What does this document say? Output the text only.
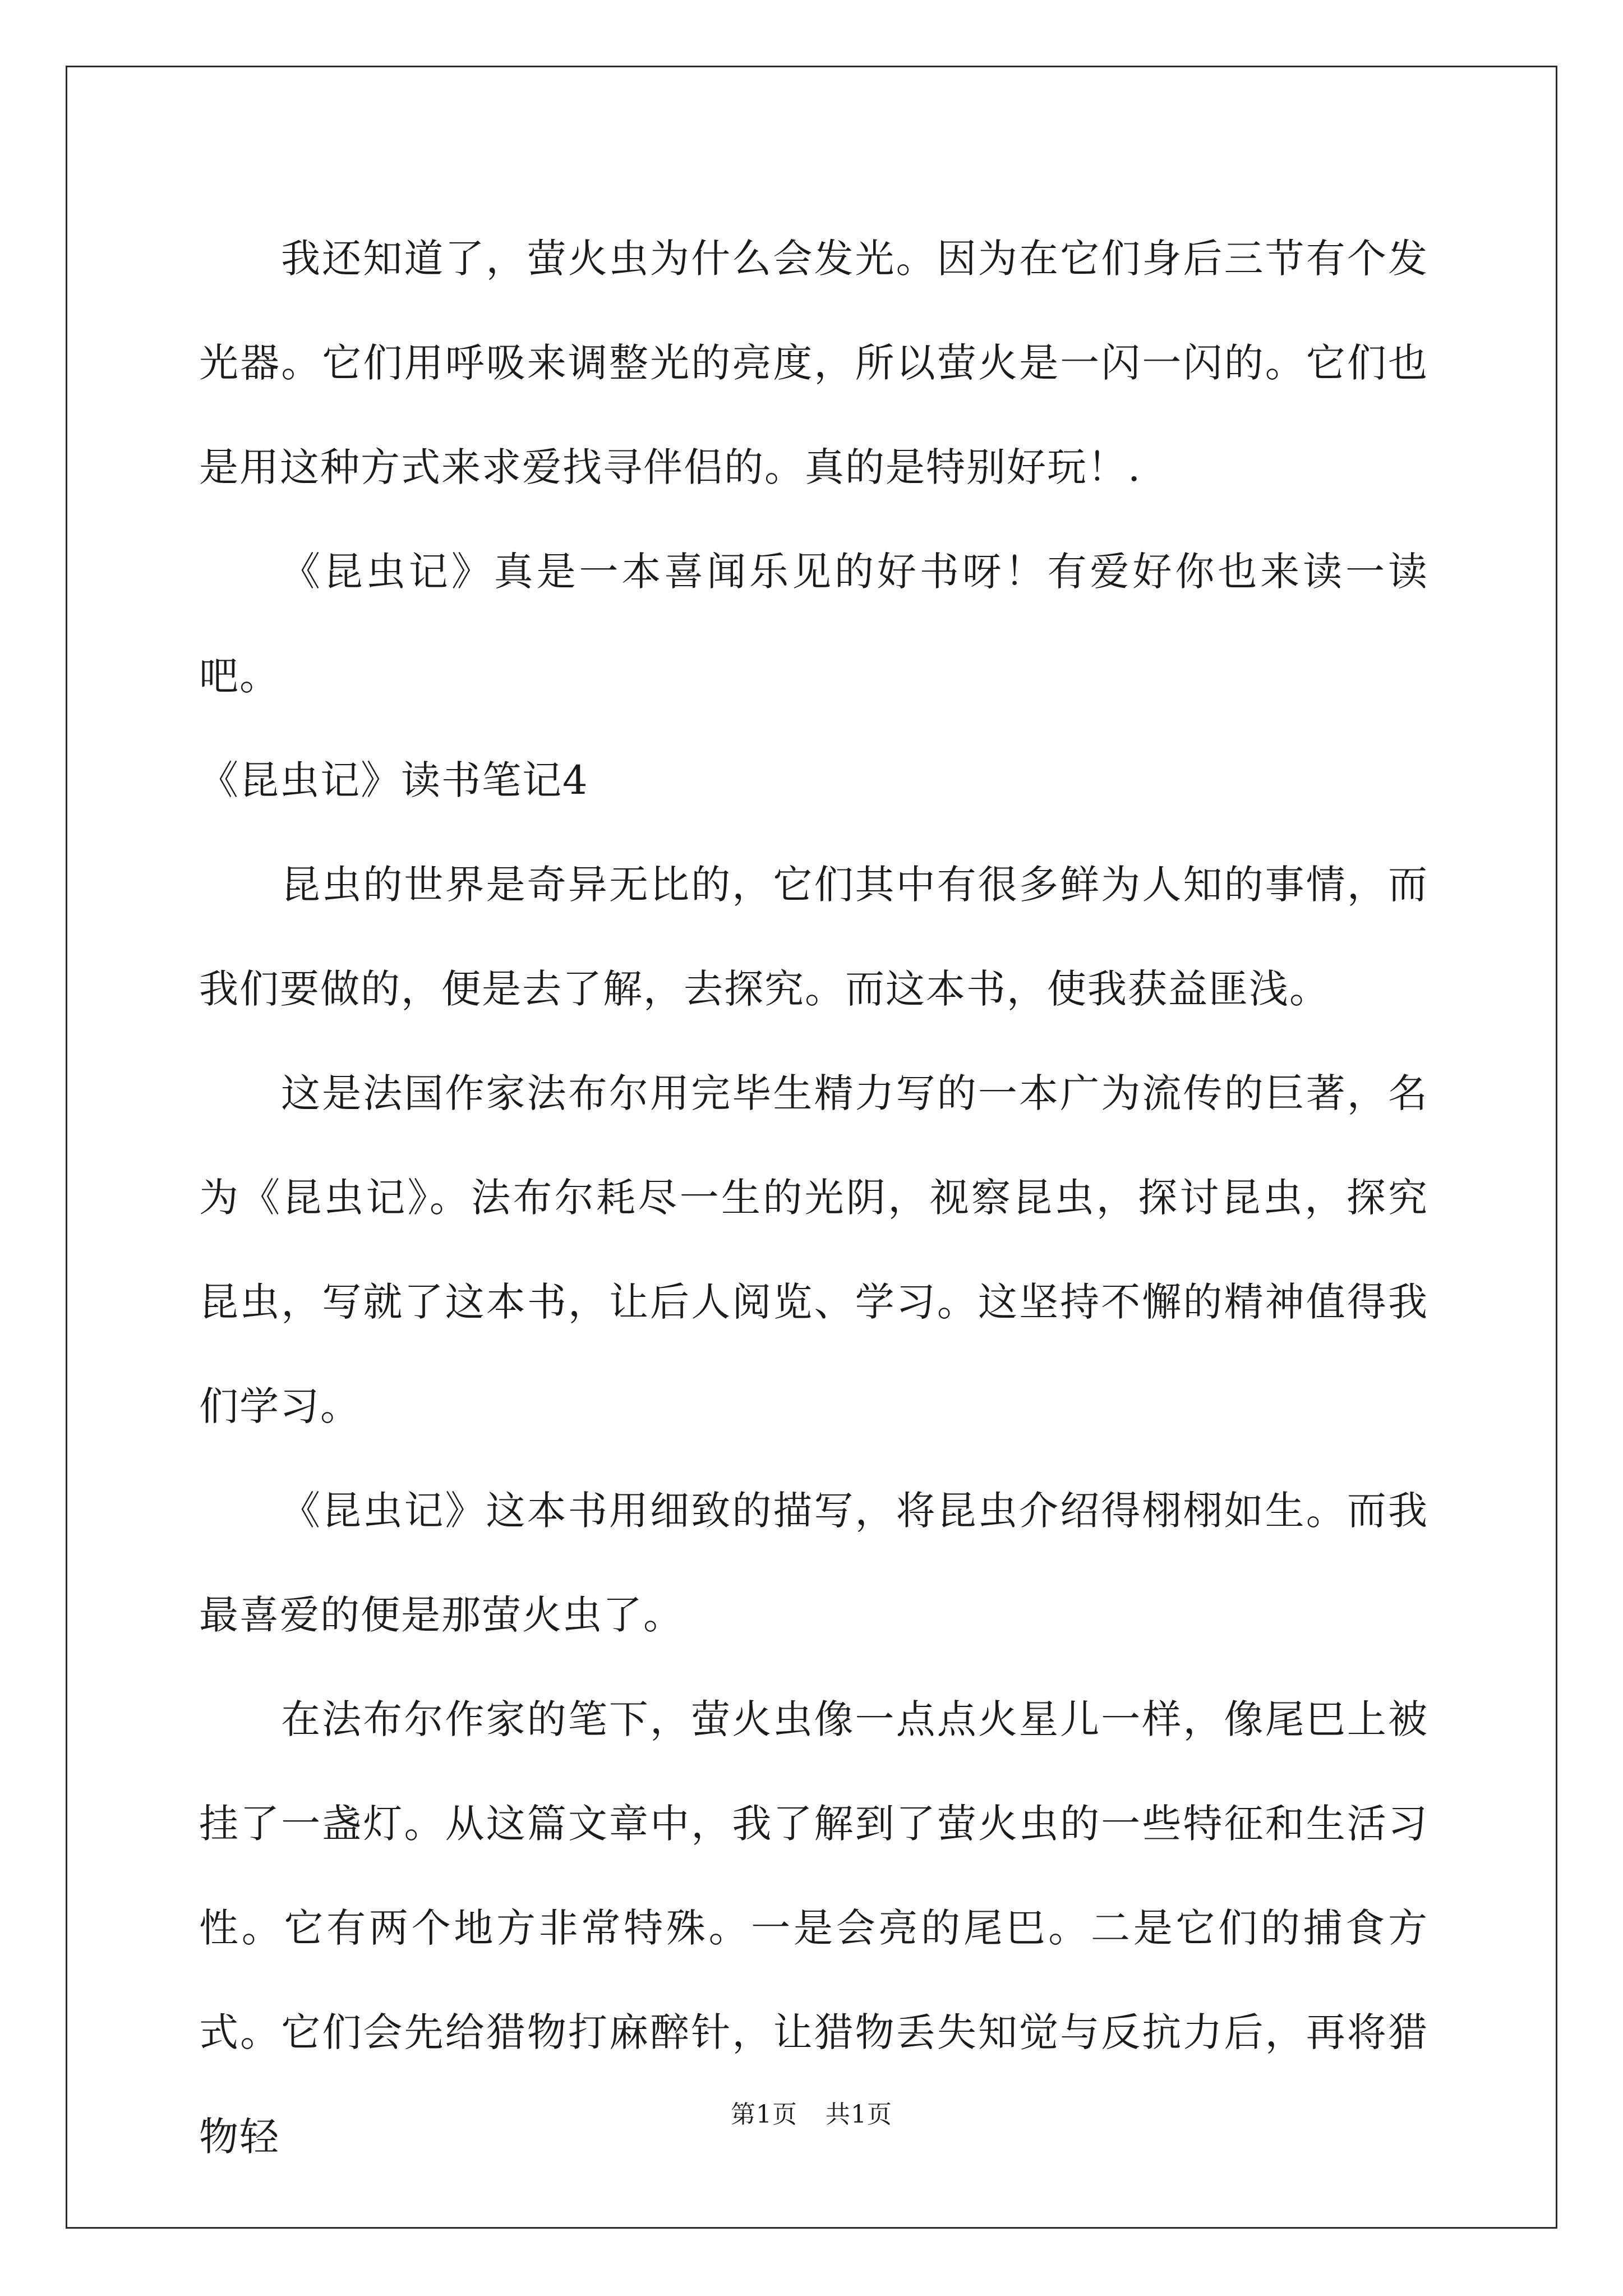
我还知道了，萤火虫为什么会发光。因为在它们身后三节有个发光器。它们用呼吸来调整光的亮度，所以萤火是一闪一闪的。它们也是用这种方式来求爱找寻伴侣的。真的是特别好玩！.

《昆虫记》真是一本喜闻乐见的好书呀！有爱好你也来读一读吧。

《昆虫记》读书笔记4

昆虫的世界是奇异无比的，它们其中有很多鲜为人知的事情，而我们要做的，便是去了解，去探究。而这本书，使我获益匪浅。

这是法国作家法布尔用完毕生精力写的一本广为流传的巨著，名为《昆虫记》。法布尔耗尽一生的光阴，视察昆虫，探讨昆虫，探究昆虫，写就了这本书，让后人阅览、学习。这坚持不懈的精神值得我们学习。

《昆虫记》这本书用细致的描写，将昆虫介绍得栩栩如生。而我最喜爱的便是那萤火虫了。

在法布尔作家的笔下，萤火虫像一点点火星儿一样，像尾巴上被挂了一盏灯。从这篇文章中，我了解到了萤火虫的一些特征和生活习性。它有两个地方非常特殊。一是会亮的尾巴。二是它们的捕食方式。它们会先给猎物打麻醉针，让猎物丢失知觉与反抗力后，再将猎物轻	第1页 共1页
